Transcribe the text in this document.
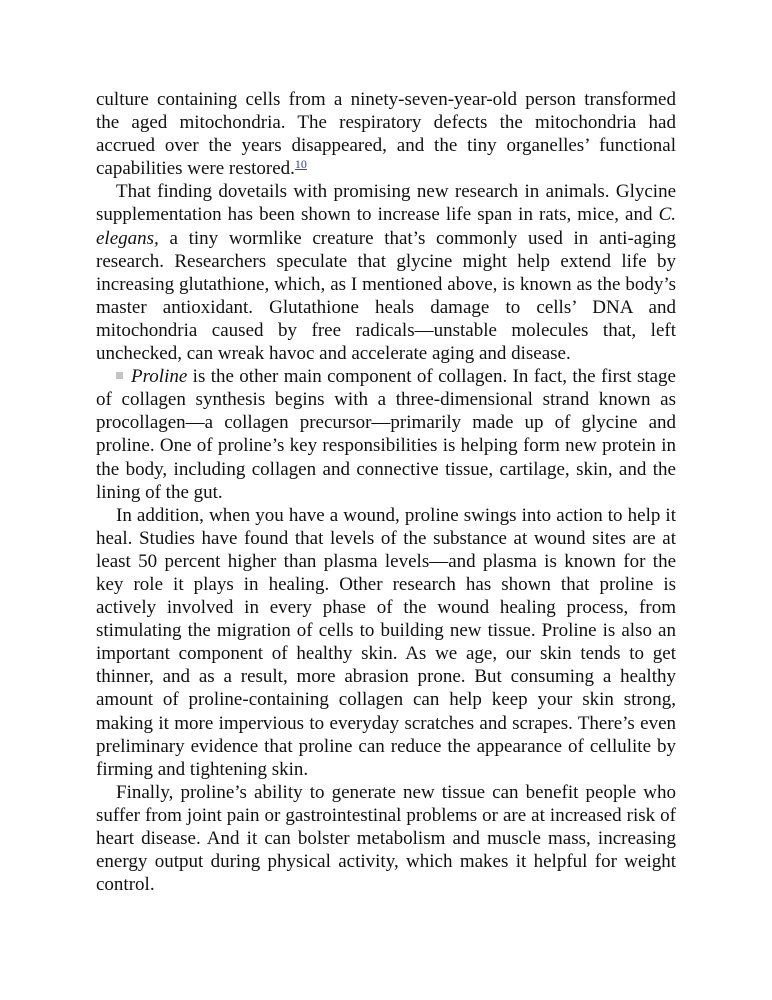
culture containing cells from a ninety-seven-year-old person transformed the aged mitochondria. The respiratory defects the mitochondria had accrued over the years disappeared, and the tiny organelles’ functional capabilities were restored.$^{10}$

That finding dovetails with promising new research in animals. Glycine supplementation has been shown to increase life span in rats, mice, and C. elegans, a tiny wormlike creature that’s commonly used in anti-aging research. Researchers speculate that glycine might help extend life by increasing glutathione, which, as I mentioned above, is known as the body’s master antioxidant. Glutathione heals damage to cells’ DNA and mitochondria caused by free radicals—unstable molecules that, left unchecked, can wreak havoc and accelerate aging and disease.

Proline is the other main component of collagen. In fact, the first stage of collagen synthesis begins with a three-dimensional strand known as procollagen—a collagen precursor—primarily made up of glycine and proline. One of proline’s key responsibilities is helping form new protein in the body, including collagen and connective tissue, cartilage, skin, and the lining of the gut.

In addition, when you have a wound, proline swings into action to help it heal. Studies have found that levels of the substance at wound sites are at least 50 percent higher than plasma levels—and plasma is known for the key role it plays in healing. Other research has shown that proline is actively involved in every phase of the wound healing process, from stimulating the migration of cells to building new tissue. Proline is also an important component of healthy skin. As we age, our skin tends to get thinner, and as a result, more abrasion prone. But consuming a healthy amount of proline-containing collagen can help keep your skin strong, making it more impervious to everyday scratches and scrapes. There’s even preliminary evidence that proline can reduce the appearance of cellulite by firming and tightening skin.

Finally, proline’s ability to generate new tissue can benefit people who suffer from joint pain or gastrointestinal problems or are at increased risk of heart disease. And it can bolster metabolism and muscle mass, increasing energy output during physical activity, which makes it helpful for weight control.
